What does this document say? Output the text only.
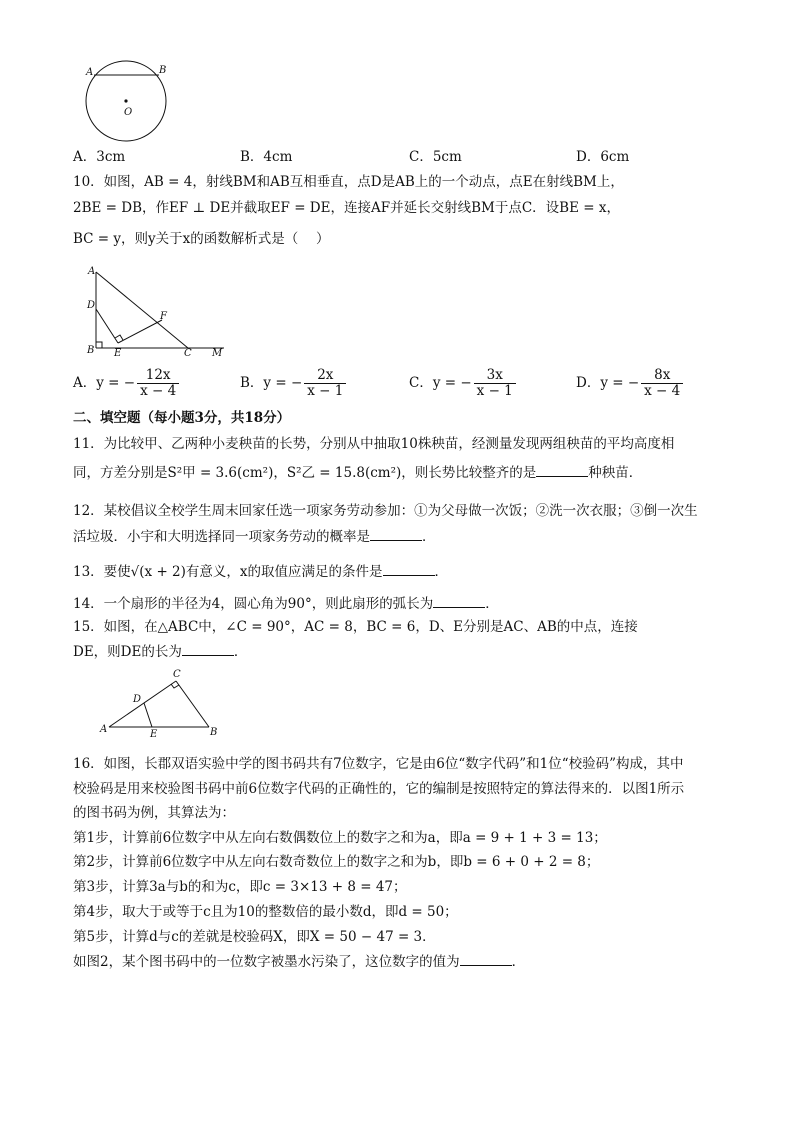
A	B
O
A．3cm	B．4cm	C．5cm	D．6cm
10．如图，AB = 4，射线BM和AB互相垂直，点D是AB上的一个动点，点E在射线BM上，
2BE = DB，作EF ⊥ DE并截取EF = DE，连接AF并延长交射线BM于点C．设BE = x，
BC = y，则y关于x的函数解析式是（　 ）
A
D
F
B E	C M
A．y = − $\frac{12x}{x - 4}$	B．y = − $\frac{2x}{x - 1}$	C．y = − $\frac{3x}{x - 1}$	D．y = − $\frac{8x}{x - 4}$
二、填空题（每小题3分，共18分）
11．为比较甲、乙两种小麦秧苗的长势，分别从中抽取10株秧苗，经测量发现两组秧苗的平均高度相
同，方差分别是S²甲 = 3.6(cm²)，S²乙 = 15.8(cm²)，则长势比较整齐的是	种秧苗．
12．某校倡议全校学生周末回家任选一项家务劳动参加：①为父母做一次饭；②洗一次衣服；③倒一次生
活垃圾．小宇和大明选择同一项家务劳动的概率是	．
13．要使√(x + 2)有意义，x的取值应满足的条件是	．
14．一个扇形的半径为4，圆心角为90°，则此扇形的弧长为	．
15．如图，在△ABC中，∠C = 90°，AC = 8，BC = 6，D、E分别是AC、AB的中点，连接
DE，则DE的长为	．
C
D
A	E	B
16．如图，长郡双语实验中学的图书码共有7位数字，它是由6位“数字代码”和1位“校验码”构成，其中
校验码是用来校验图书码中前6位数字代码的正确性的，它的编制是按照特定的算法得来的．以图1所示
的图书码为例，其算法为：
第1步，计算前6位数字中从左向右数偶数位上的数字之和为a，即a = 9 + 1 + 3 = 13；
第2步，计算前6位数字中从左向右数奇数位上的数字之和为b，即b = 6 + 0 + 2 = 8；
第3步，计算3a与b的和为c，即c = 3×13 + 8 = 47；
第4步，取大于或等于c且为10的整数倍的最小数d，即d = 50；
第5步，计算d与c的差就是校验码X，即X = 50 − 47 = 3．
如图2，某个图书码中的一位数字被墨水污染了，这位数字的值为	．
